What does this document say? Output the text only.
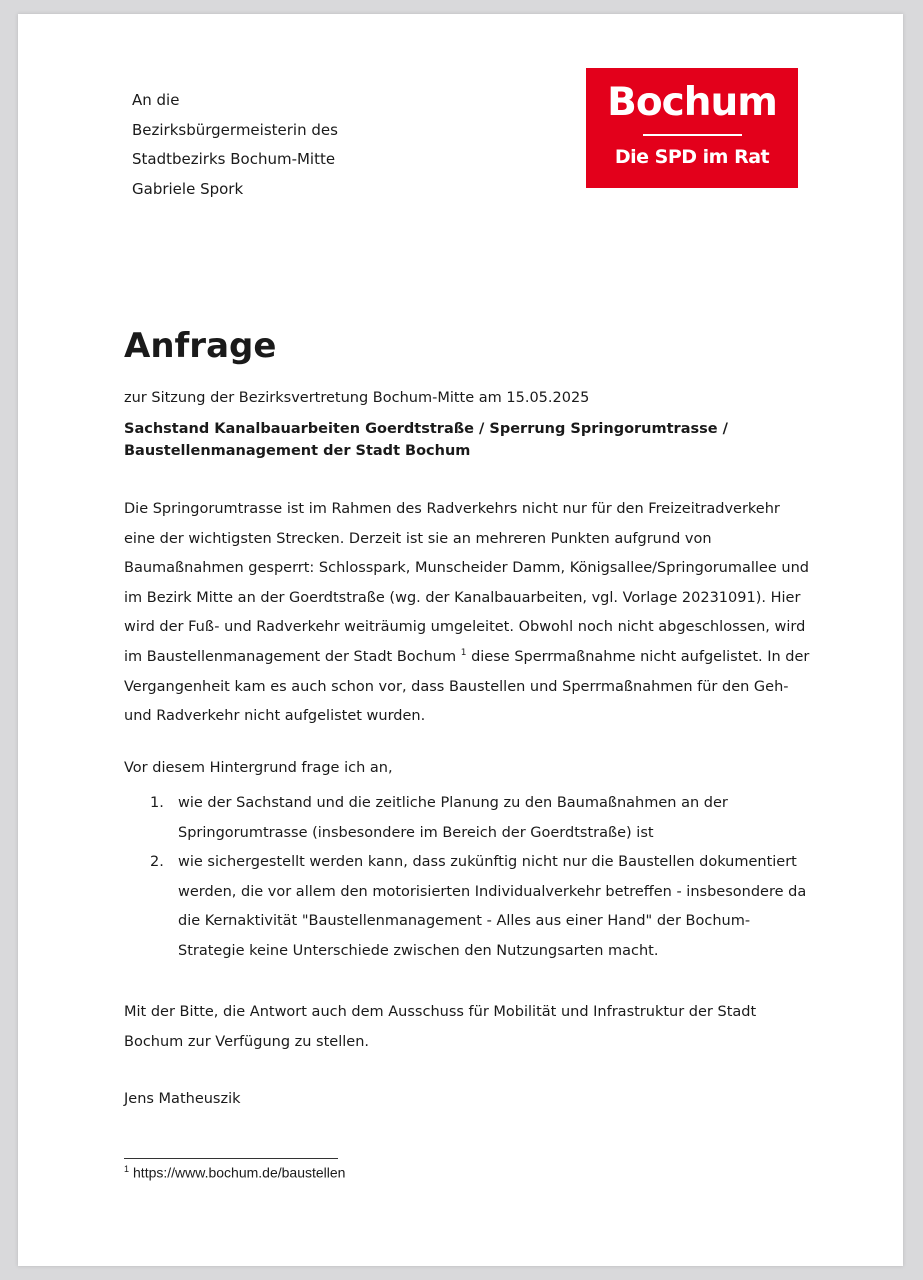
An die
Bezirksbürgermeisterin des
Stadtbezirks Bochum-Mitte
Gabriele Spork
Bochum
Die SPD im Rat
Anfrage
zur Sitzung der Bezirksvertretung Bochum-Mitte am 15.05.2025
Sachstand Kanalbauarbeiten Goerdtstraße / Sperrung Springorumtrasse /
Baustellenmanagement der Stadt Bochum

Die Springorumtrasse ist im Rahmen des Radverkehrs nicht nur für den Freizeitradverkehr eine der wichtigsten Strecken. Derzeit ist sie an mehreren Punkten aufgrund von Baumaßnahmen gesperrt: Schlosspark, Munscheider Damm, Königsallee/Springorumallee und im Bezirk Mitte an der Goerdtstraße (wg. der Kanalbauarbeiten, vgl. Vorlage 20231091). Hier wird der Fuß- und Radverkehr weiträumig umgeleitet. Obwohl noch nicht abgeschlossen, wird im Baustellenmanagement der Stadt Bochum $^1$ diese Sperrmaßnahme nicht aufgelistet. In der Vergangenheit kam es auch schon vor, dass Baustellen und Sperrmaßnahmen für den Geh- und Radverkehr nicht aufgelistet wurden.

Vor diesem Hintergrund frage ich an,
1. wie der Sachstand und die zeitliche Planung zu den Baumaßnahmen an der Springorumtrasse (insbesondere im Bereich der Goerdtstraße) ist
2. wie sichergestellt werden kann, dass zukünftig nicht nur die Baustellen dokumentiert werden, die vor allem den motorisierten Individualverkehr betreffen - insbesondere da die Kernaktivität "Baustellenmanagement - Alles aus einer Hand" der Bochum-Strategie keine Unterschiede zwischen den Nutzungsarten macht.
Mit der Bitte, die Antwort auch dem Ausschuss für Mobilität und Infrastruktur der Stadt Bochum zur Verfügung zu stellen.
Jens Matheuszik
$^1$ https://www.bochum.de/baustellen
